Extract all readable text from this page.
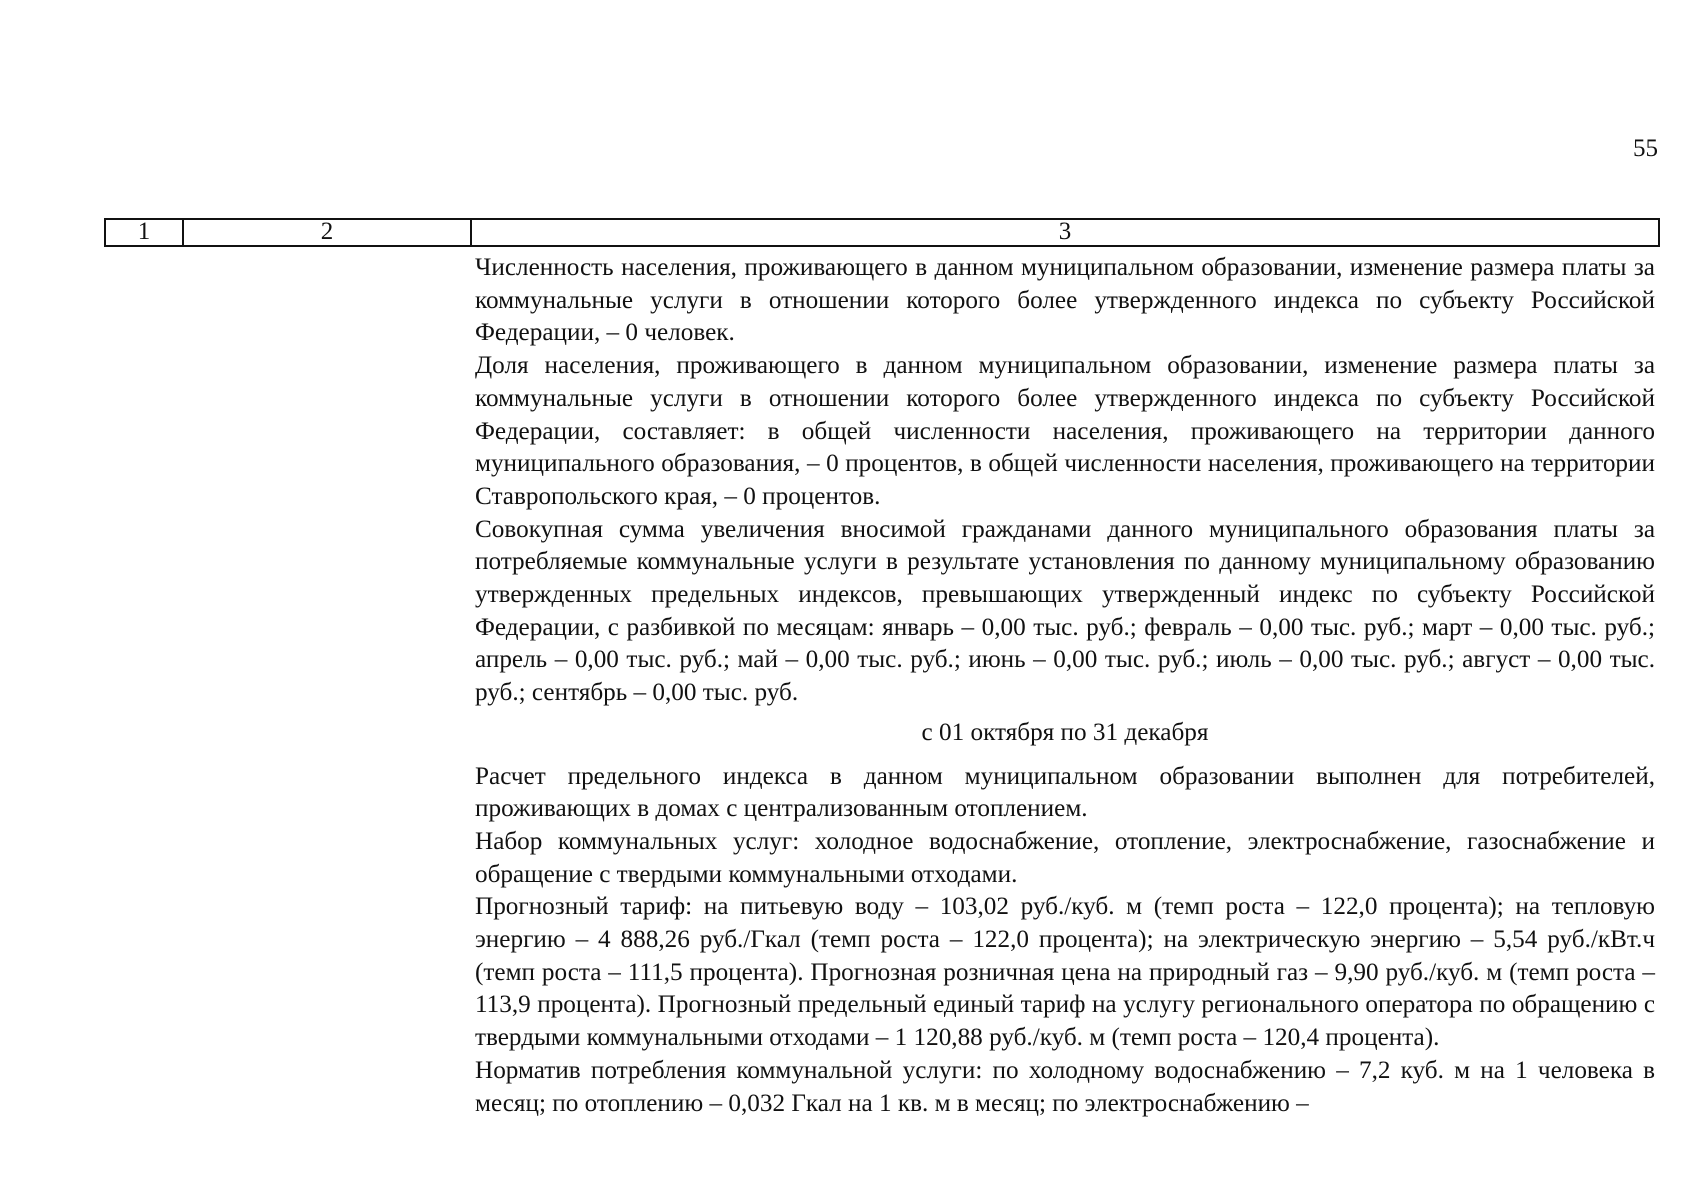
55
1	2	3

Численность населения, проживающего в данном муниципальном образовании, изменение размера платы за коммунальные услуги в отношении которого более утвержденного индекса по субъекту Российской Федерации, – 0 человек.

Доля населения, проживающего в данном муниципальном образовании, изменение размера платы за коммунальные услуги в отношении которого более утвержденного индекса по субъекту Российской Федерации, составляет: в общей численности населения, проживающего на территории данного муниципального образования, – 0 процентов, в общей численности населения, проживающего на территории Ставропольского края, – 0 процентов.

Совокупная сумма увеличения вносимой гражданами данного муниципального образования платы за потребляемые коммунальные услуги в результате установления по данному муниципальному образованию утвержденных предельных индексов, превышающих утвержденный индекс по субъекту Российской Федерации, с разбивкой по месяцам: январь – 0,00 тыс. руб.; февраль – 0,00 тыс. руб.; март – 0,00 тыс. руб.; апрель – 0,00 тыс. руб.; май – 0,00 тыс. руб.; июнь – 0,00 тыс. руб.; июль – 0,00 тыс. руб.; август – 0,00 тыс. руб.; сентябрь – 0,00 тыс. руб.

с 01 октября по 31 декабря

Расчет предельного индекса в данном муниципальном образовании выполнен для потребителей, проживающих в домах с централизованным отоплением.

Набор коммунальных услуг: холодное водоснабжение, отопление, электроснабжение, газоснабжение и обращение с твердыми коммунальными отходами.

Прогнозный тариф: на питьевую воду – 103,02 руб./куб. м (темп роста – 122,0 процента); на тепловую энергию – 4 888,26 руб./Гкал (темп роста – 122,0 процента); на электрическую энергию – 5,54 руб./кВт.ч (темп роста – 111,5 процента). Прогнозная розничная цена на природный газ – 9,90 руб./куб. м (темп роста – 113,9 процента). Прогнозный предельный единый тариф на услугу регионального оператора по обращению с твердыми коммунальными отходами – 1 120,88 руб./куб. м (темп роста – 120,4 процента).

Норматив потребления коммунальной услуги: по холодному водоснабжению – 7,2 куб. м на 1 человека в месяц; по отоплению – 0,032 Гкал на 1 кв. м в месяц; по электроснабжению –
